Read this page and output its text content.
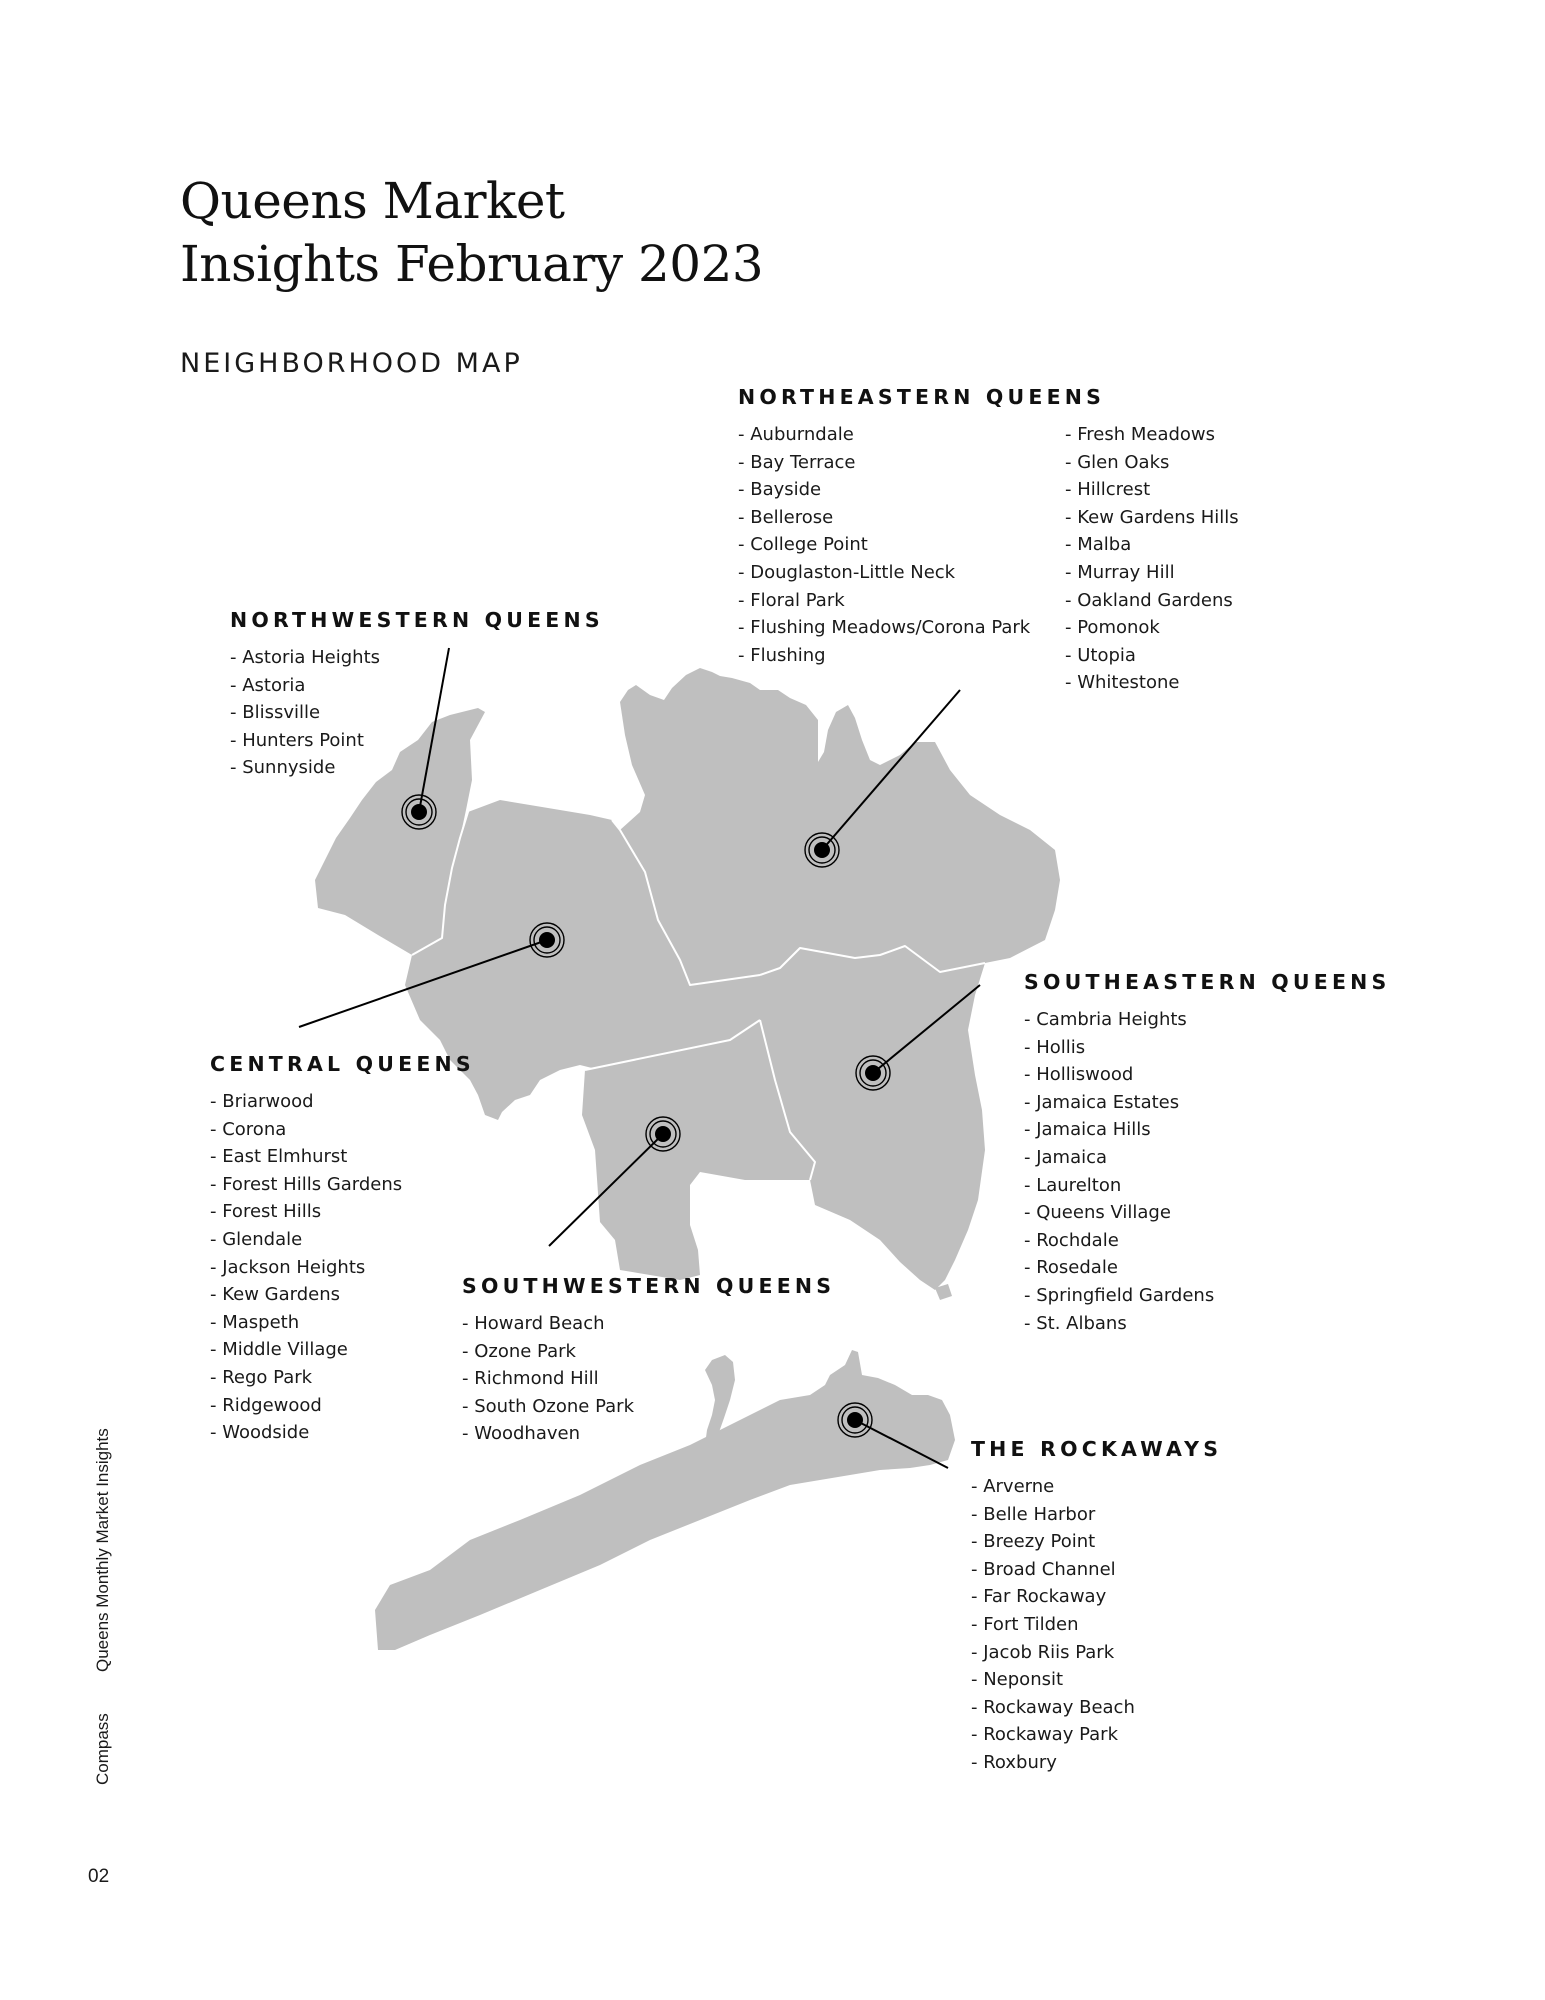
Queens Market
Insights February 2023
NEIGHBORHOOD MAP
NORTHEASTERN QUEENS
- Auburndale
- Bay Terrace
- Bayside
- Bellerose
- College Point
- Douglaston-Little Neck
- Floral Park
- Flushing Meadows/Corona Park
- Flushing
- Fresh Meadows
- Glen Oaks
- Hillcrest
- Kew Gardens Hills
- Malba
- Murray Hill
- Oakland Gardens
- Pomonok
- Utopia
- Whitestone
NORTHWESTERN QUEENS
- Astoria Heights
- Astoria
- Blissville
- Hunters Point
- Sunnyside
CENTRAL QUEENS
- Briarwood
- Corona
- East Elmhurst
- Forest Hills Gardens
- Forest Hills
- Glendale
- Jackson Heights
- Kew Gardens
- Maspeth
- Middle Village
- Rego Park
- Ridgewood
- Woodside
SOUTHEASTERN QUEENS
- Cambria Heights
- Hollis
- Holliswood
- Jamaica Estates
- Jamaica Hills
- Jamaica
- Laurelton
- Queens Village
- Rochdale
- Rosedale
- Springfield Gardens
- St. Albans
SOUTHWESTERN QUEENS
- Howard Beach
- Ozone Park
- Richmond Hill
- South Ozone Park
- Woodhaven
THE ROCKAWAYS
- Arverne
- Belle Harbor
- Breezy Point
- Broad Channel
- Far Rockaway
- Fort Tilden
- Jacob Riis Park
- Neponsit
- Rockaway Beach
- Rockaway Park
- Roxbury
Compass
Queens Monthly Market Insights
02
